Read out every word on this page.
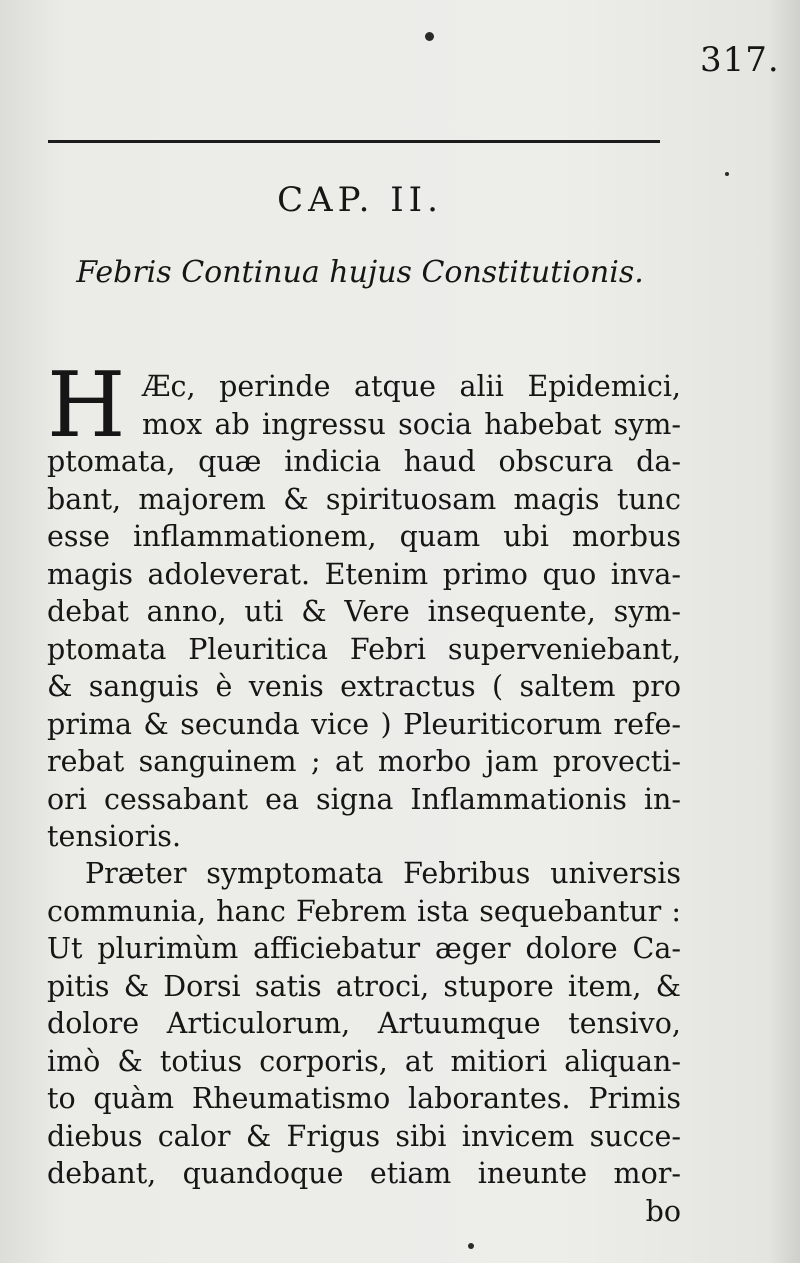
317.
CAP. II.
Febris Continua hujus Constitutionis.
H Æc, perinde atque alii Epidemici,
mox ab ingressu socia habebat sym-
ptomata, quæ indicia haud obscura da-
bant, majorem & spirituosam magis tunc
esse inflammationem, quam ubi morbus
magis adoleverat. Etenim primo quo inva-
debat anno, uti & Vere insequente, sym-
ptomata Pleuritica Febri superveniebant,
& sanguis è venis extractus ( saltem pro
prima & secunda vice ) Pleuriticorum refe-
rebat sanguinem ; at morbo jam provecti-
ori cessabant ea signa Inflammationis in-
tensioris.

Præter symptomata Febribus universis
communia, hanc Febrem ista sequebantur :
Ut plurimùm afficiebatur æger dolore Ca-
pitis & Dorsi satis atroci, stupore item, &
dolore Articulorum, Artuumque tensivo,
imò & totius corporis, at mitiori aliquan-
to quàm Rheumatismo laborantes. Primis
diebus calor & Frigus sibi invicem succe-
debant, quandoque etiam ineunte mor-
bo
